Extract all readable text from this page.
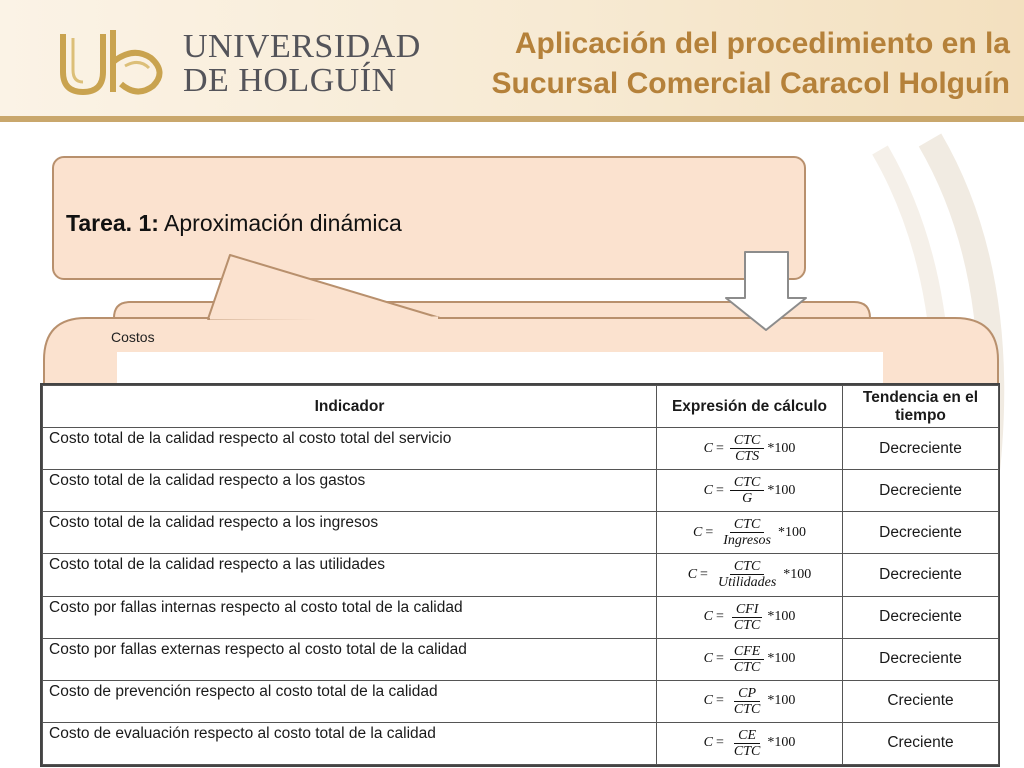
UNIVERSIDAD
DE HOLGUÍN
Aplicación del procedimiento en la
Sucursal Comercial Caracol Holguín
Tarea. 1: Aproximación dinámica
Costos
Indicador	Expresión de cálculo	Tendencia en el tiempo
Costo total de la calidad respecto al costo total del servicio	$C = \frac{\text{CTC}}{\text{CTS}} *100$	Decreciente
Costo total de la calidad respecto a los gastos	$C = \frac{\text{CTC}}{G} *100$	Decreciente
Costo total de la calidad respecto a los ingresos	$C = \frac{\text{CTC}}{\text{Ingresos}} *100$	Decreciente
Costo total de la calidad respecto a las utilidades	$C = \frac{\text{CTC}}{\text{Utilidades}} *100$	Decreciente
Costo por fallas internas respecto al costo total de la calidad	$C = \frac{\text{CFI}}{\text{CTC}} *100$	Decreciente
Costo por fallas externas respecto al costo total de la calidad	$C = \frac{\text{CFE}}{\text{CTC}} *100$	Decreciente
Costo de prevención respecto al costo total de la calidad	$C = \frac{CP}{\text{CTC}} *100$	Creciente
Costo de evaluación respecto al costo total de la calidad	$C = \frac{CE}{\text{CTC}} *100$	Creciente
